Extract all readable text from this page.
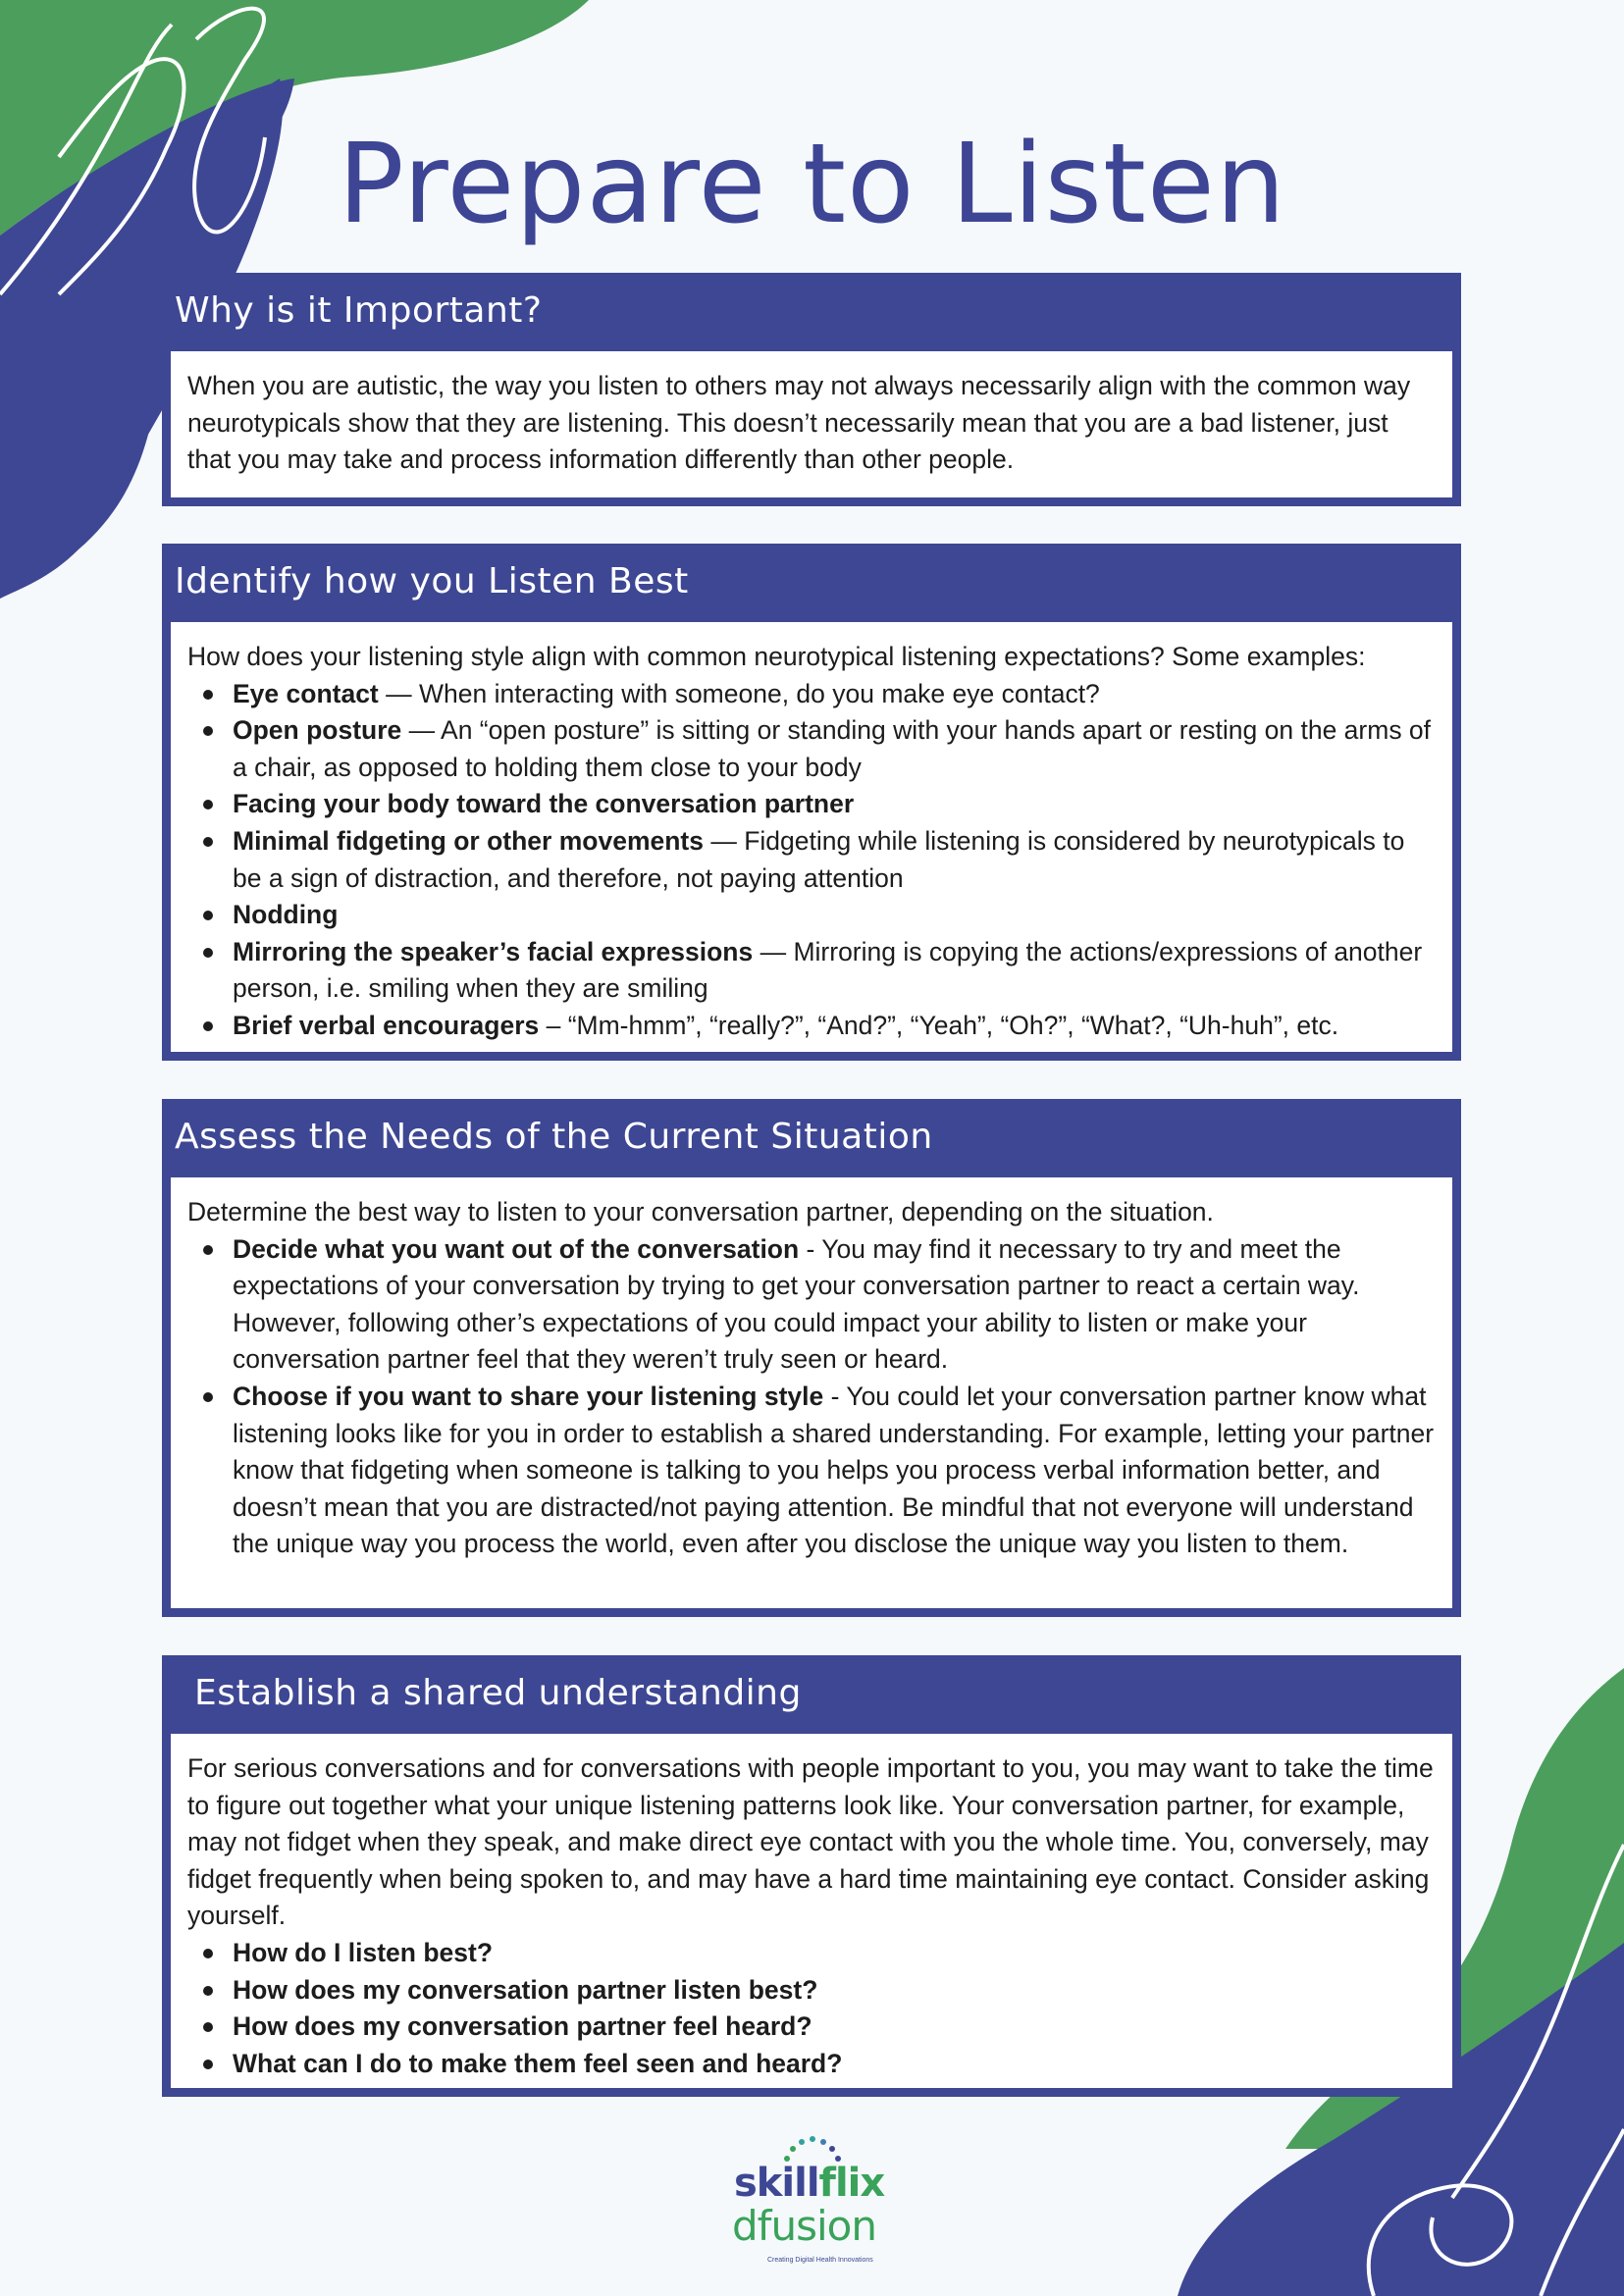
Prepare to Listen
Why is it Important?

When you are autistic, the way you listen to others may not always necessarily align with the common way neurotypicals show that they are listening. This doesn’t necessarily mean that you are a bad listener, just that you may take and process information differently than other people.

Identify how you Listen Best

How does your listening style align with common neurotypical listening expectations? Some examples:

Eye contact — When interacting with someone, do you make eye contact?
Open posture — An “open posture” is sitting or standing with your hands apart or resting on the arms of a chair, as opposed to holding them close to your body
Facing your body toward the conversation partner
Minimal fidgeting or other movements — Fidgeting while listening is considered by neurotypicals to be a sign of distraction, and therefore, not paying attention
Nodding
Mirroring the speaker’s facial expressions — Mirroring is copying the actions/expressions of another person, i.e. smiling when they are smiling
Brief verbal encouragers – “Mm-hmm”, “really?”, “And?”, “Yeah”, “Oh?”, “What?, “Uh-huh”, etc.
Assess the Needs of the Current Situation

Determine the best way to listen to your conversation partner, depending on the situation.

Decide what you want out of the conversation - You may find it necessary to try and meet the expectations of your conversation by trying to get your conversation partner to react a certain way. However, following other’s expectations of you could impact your ability to listen or make your conversation partner feel that they weren’t truly seen or heard.
Choose if you want to share your listening style - You could let your conversation partner know what listening looks like for you in order to establish a shared understanding. For example, letting your partner know that fidgeting when someone is talking to you helps you process verbal information better, and doesn’t mean that you are distracted/not paying attention. Be mindful that not everyone will understand the unique way you process the world, even after you disclose the unique way you listen to them.
Establish a shared understanding

For serious conversations and for conversations with people important to you, you may want to take the time to figure out together what your unique listening patterns look like. Your conversation partner, for example, may not fidget when they speak, and make direct eye contact with you the whole time. You, conversely, may fidget frequently when being spoken to, and may have a hard time maintaining eye contact. Consider asking yourself.

How do I listen best?
How does my conversation partner listen best?
How does my conversation partner feel heard?
What can I do to make them feel seen and heard?
skillflix
dfusion
Creating Digital Health Innovations
